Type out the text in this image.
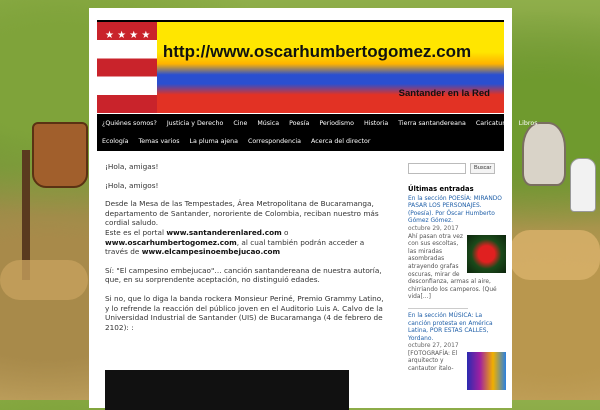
★ ★ ★ ★ ★ ★ ★ ★ http://www.oscarhumbertogomez.com
Santander en la Red
¿Quiénes somos?	Justicia y Derecho	Cine	Música	Poesía	Periodismo	Historia	Tierra santandereana	Caricatura	Libros
Ecología	Temas varios	La pluma ajena	Correspondencia	Acerca del director

¡Hola, amigas!

¡Hola, amigos!

Desde la Mesa de las Tempestades, Área Metropolitana de Bucaramanga, departamento de Santander, nororiente de Colombia, reciban nuestro más cordial saludo.
Este es el portal www.santanderenlared.com o www.oscarhumbertogomez.com, al cual también podrán acceder a través de www.elcampesinoembejucao.com

Sí: "El campesino embejucao"… canción santandereana de nuestra autoría, que, en su sorprendente aceptación, no distinguió edades.

Si no, que lo diga la banda rockera Monsieur Periné, Premio Grammy Latino, y lo refrende la reacción del público joven en el Auditorio Luis A. Calvo de la Universidad Industrial de Santander (UIS) de Bucaramanga (4 de febrero de 2102): :

Buscar
Últimas entradas
En la sección POESÍA: MIRANDO PASAR LOS PERSONAJES. (Poesía). Por Óscar Humberto Gómez Gómez.
octubre 29, 2017
Ahí pasan otra vez con sus escoltas, las miradas asombradas atrayendo grafas oscuras, mirar de desconfianza, armas al aire, chirriando los camperos. (Qué vida[…]
En la sección MÚSICA: La canción protesta en América Latina, POR ESTAS CALLES, Yordano.
octubre 27, 2017
[FOTOGRAFÍA: El arquitecto y cantautor italo-
